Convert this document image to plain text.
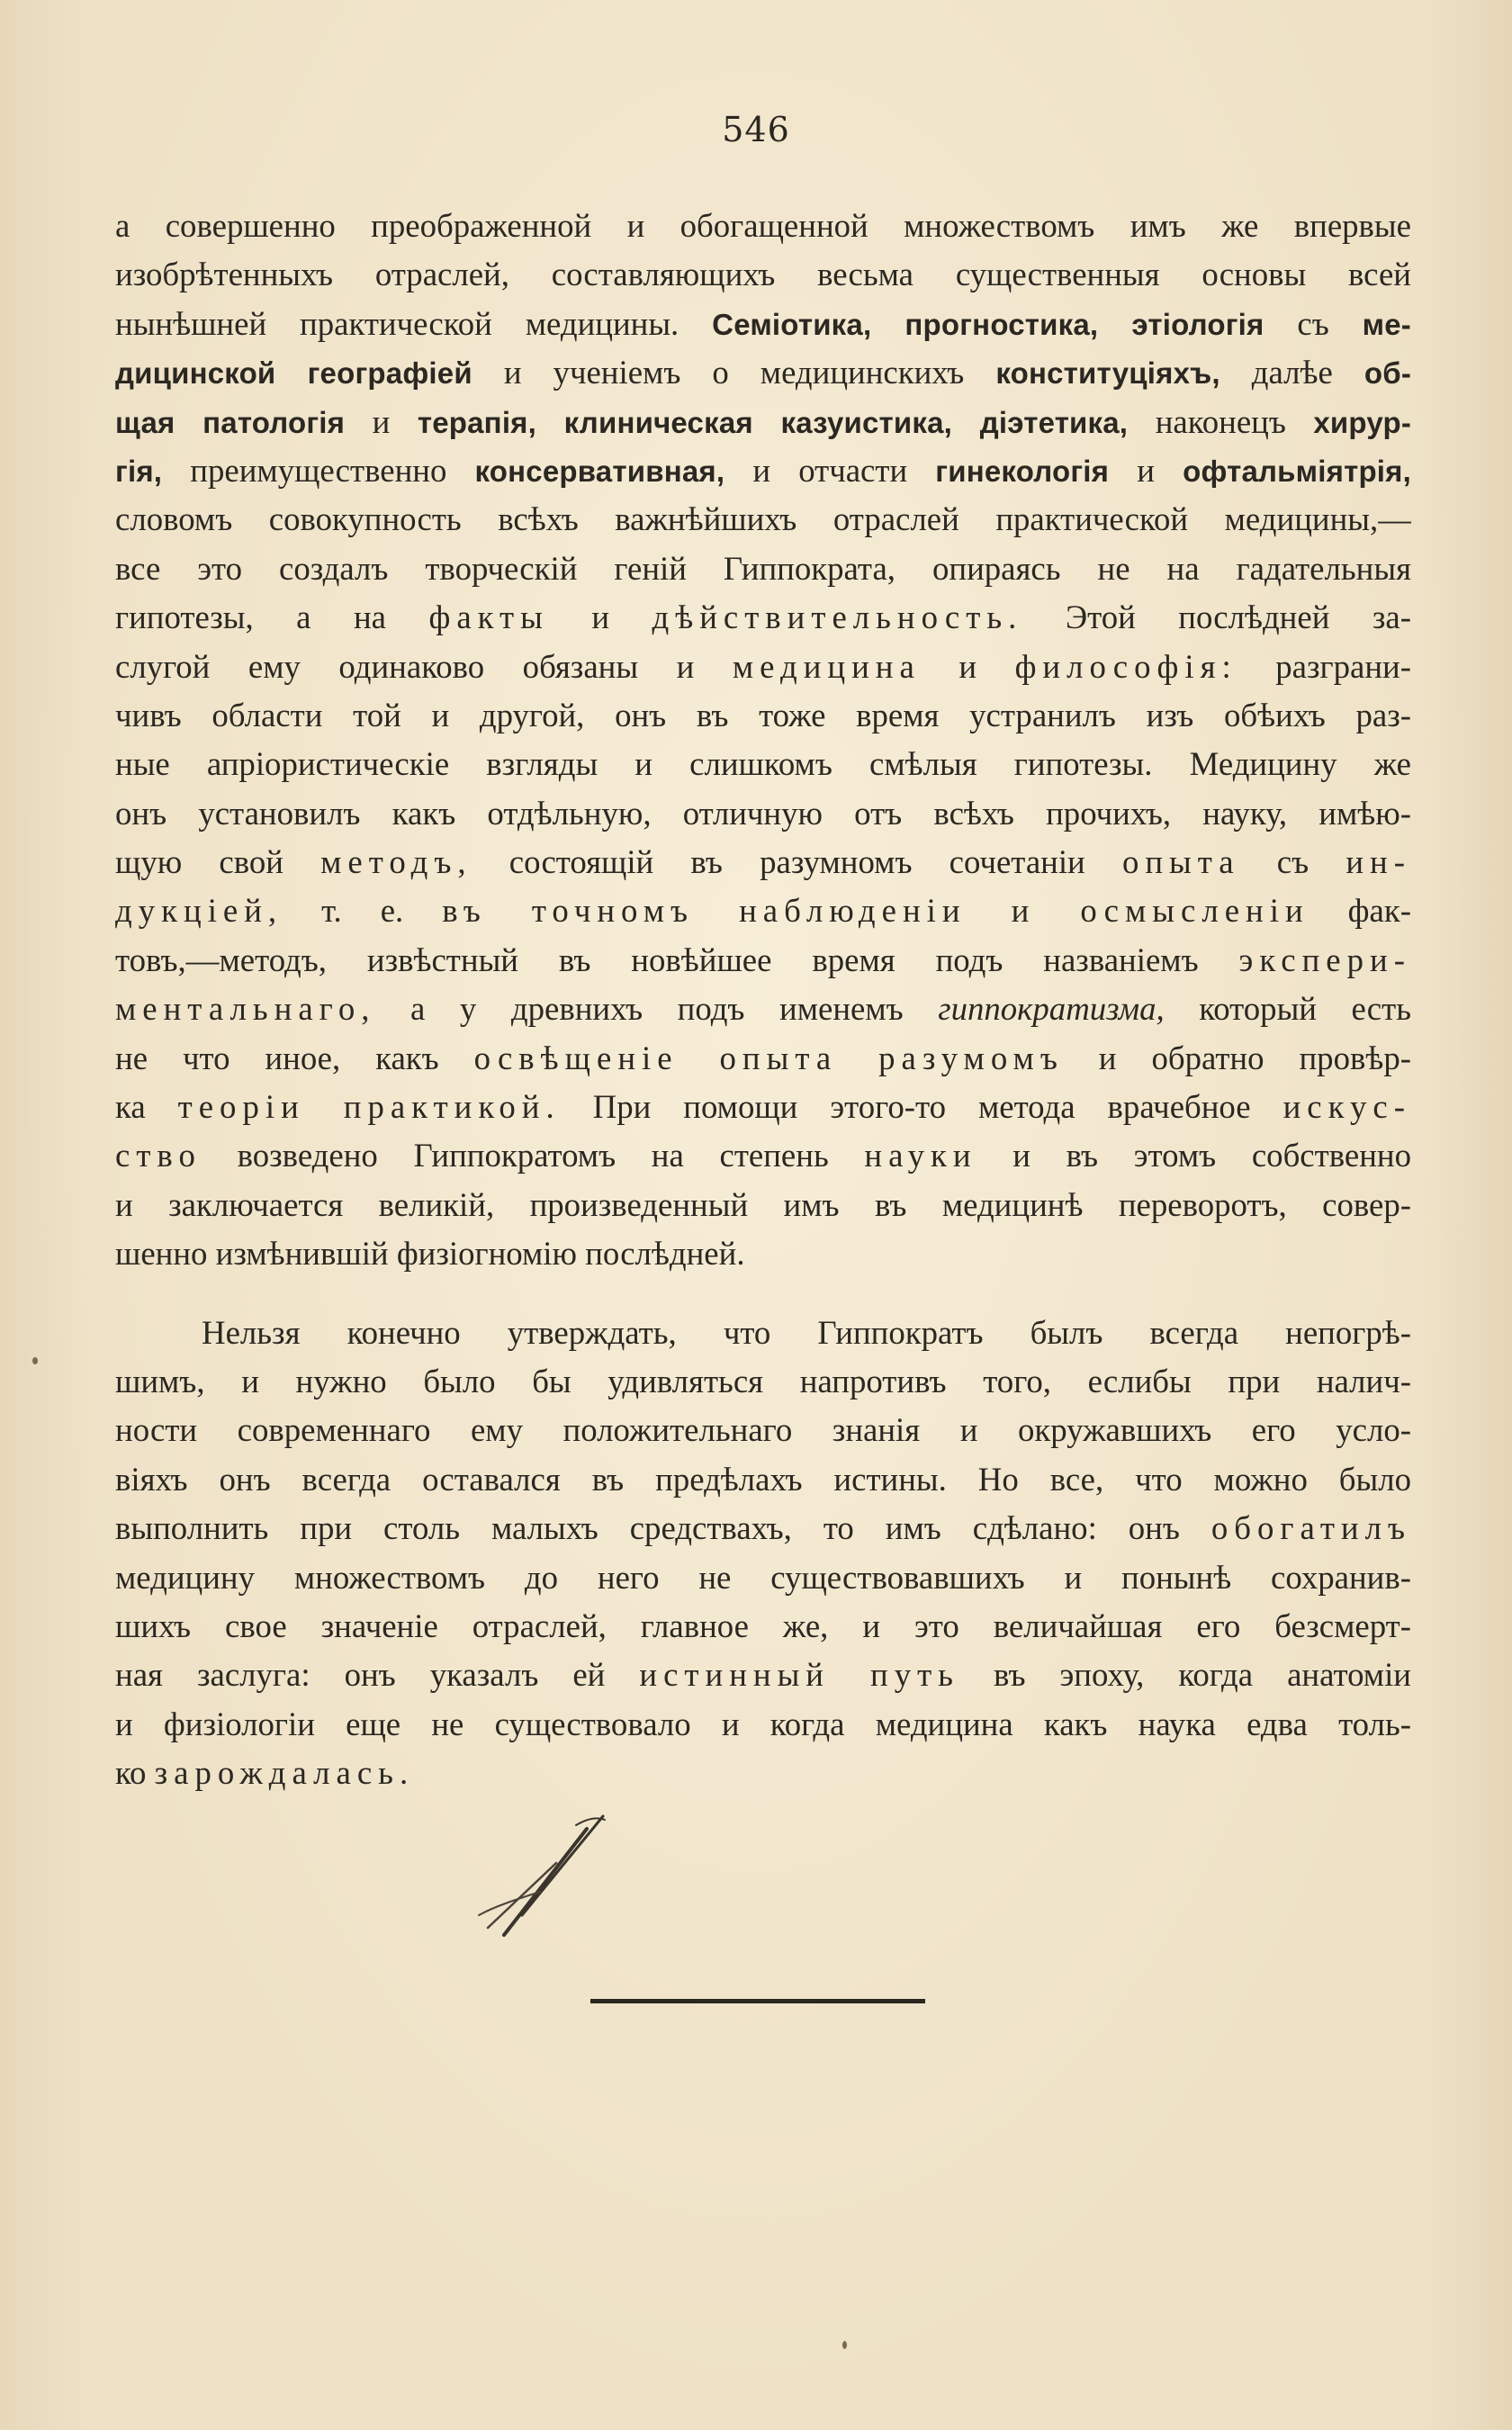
546
а совершенно преображенной и обогащенной множествомъ имъ же впервые
изобрѣтенныхъ отраслей, составляющихъ весьма существенныя основы всей
нынѣшней практической медицины. Семіотика, прогностика, этіологія съ ме-
дицинской географіей и ученіемъ о медицинскихъ конституціяхъ, далѣе об-
щая патологія и терапія, клиническая казуистика, діэтетика, наконецъ хирур-
гія, преимущественно консервативная, и отчасти гинекологія и офтальміятрія,
словомъ совокупность всѣхъ важнѣйшихъ отраслей практической медицины,—
все это создалъ творческій геній Гиппократа, опираясь не на гадательныя
гипотезы, а на факты и дѣйствительность. Этой послѣдней за-
слугой ему одинаково обязаны и медицина и философія: разграни-
чивъ области той и другой, онъ въ тоже время устранилъ изъ обѣихъ раз-
ные апріористическіе взгляды и слишкомъ смѣлыя гипотезы. Медицину же
онъ установилъ какъ отдѣльную, отличную отъ всѣхъ прочихъ, науку, имѣю-
щую свой методъ, состоящій въ разумномъ сочетаніи опыта съ ин-
дукціей, т. е. въ точномъ наблюденіи и осмысленіи фак-
товъ,—методъ, извѣстный въ новѣйшее время подъ названіемъ экспери-
ментальнаго, а у древнихъ подъ именемъ гиппократизма, который есть
не что иное, какъ освѣщеніе опыта разумомъ и обратно провѣр-
ка теоріи практикой. При помощи этого-то метода врачебное искус-
ство возведено Гиппократомъ на степень науки и въ этомъ собственно
и заключается великій, произведенный имъ въ медицинѣ переворотъ, совер-
шенно измѣнившій физіогномію послѣдней.
Нельзя конечно утверждать, что Гиппократъ былъ всегда непогрѣ-
шимъ, и нужно было бы удивляться напротивъ того, еслибы при налич-
ности современнаго ему положительнаго знанія и окружавшихъ его усло-
віяхъ онъ всегда оставался въ предѣлахъ истины. Но все, что можно было
выполнить при столь малыхъ средствахъ, то имъ сдѣлано: онъ обогатилъ
медицину множествомъ до него не существовавшихъ и понынѣ сохранив-
шихъ свое значеніе отраслей, главное же, и это величайшая его безсмерт-
ная заслуга: онъ указалъ ей истинный путь въ эпоху, когда анатоміи
и физіологіи еще не существовало и когда медицина какъ наука едва толь-
ко зарождалась.
